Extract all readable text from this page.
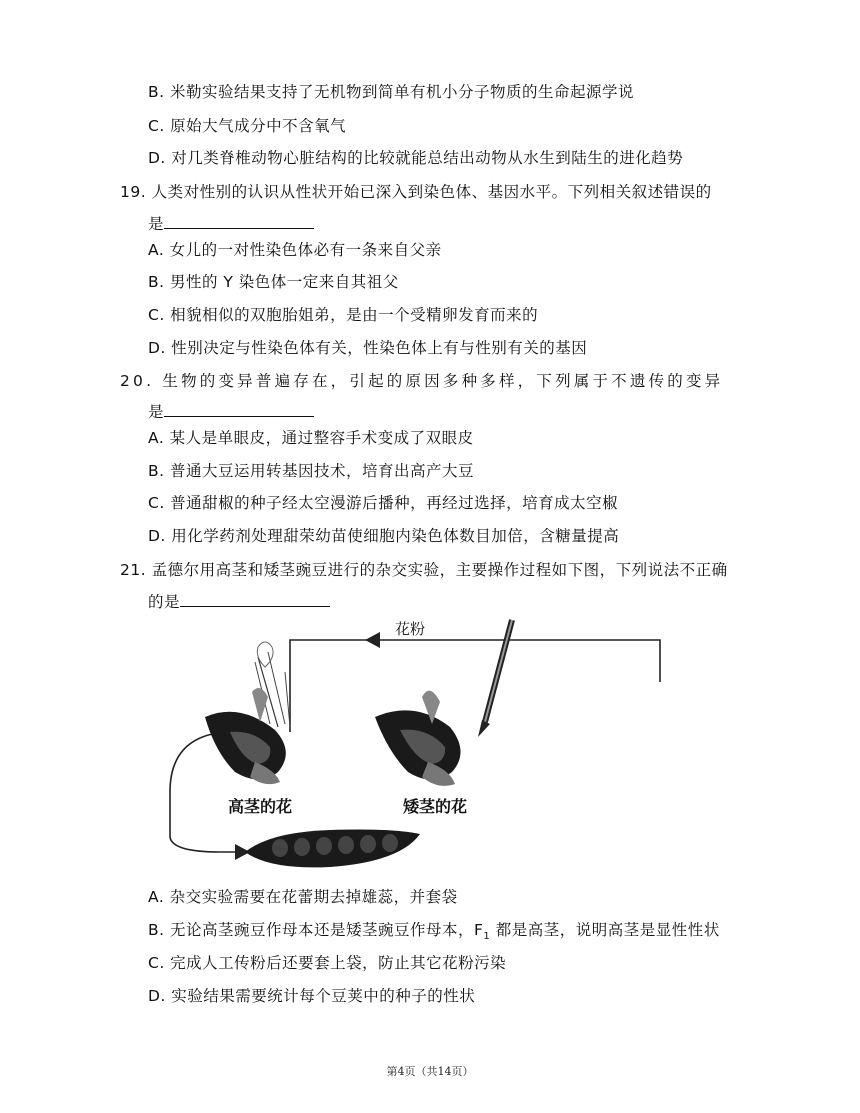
B. 米勒实验结果支持了无机物到简单有机小分子物质的生命起源学说
C. 原始大气成分中不含氧气
D. 对几类脊椎动物心脏结构的比较就能总结出动物从水生到陆生的进化趋势
19. 人类对性别的认识从性状开始已深入到染色体、基因水平。下列相关叙述错误的
是
A. 女儿的一对性染色体必有一条来自父亲
B. 男性的 Y 染色体一定来自其祖父
C. 相貌相似的双胞胎姐弟，是由一个受精卵发育而来的
D. 性别决定与性染色体有关，性染色体上有与性别有关的基因
20. 生物的变异普遍存在，引起的原因多种多样，下列属于不遗传的变异
是
A. 某人是单眼皮，通过整容手术变成了双眼皮
B. 普通大豆运用转基因技术，培育出高产大豆
C. 普通甜椒的种子经太空漫游后播种，再经过选择，培育成太空椒
D. 用化学药剂处理甜荣幼苗使细胞内染色体数目加倍，含糖量提高
21. 孟德尔用高茎和矮茎豌豆进行的杂交实验，主要操作过程如下图，下列说法不正确
的是
高茎的花	矮茎的花
花粉
A. 杂交实验需要在花蕾期去掉雄蕊，并套袋
B. 无论高茎豌豆作母本还是矮茎豌豆作母本，$F_1$ 都是高茎，说明高茎是显性性状
C. 完成人工传粉后还要套上袋，防止其它花粉污染
D. 实验结果需要统计每个豆荚中的种子的性状
第4页（共14页）
